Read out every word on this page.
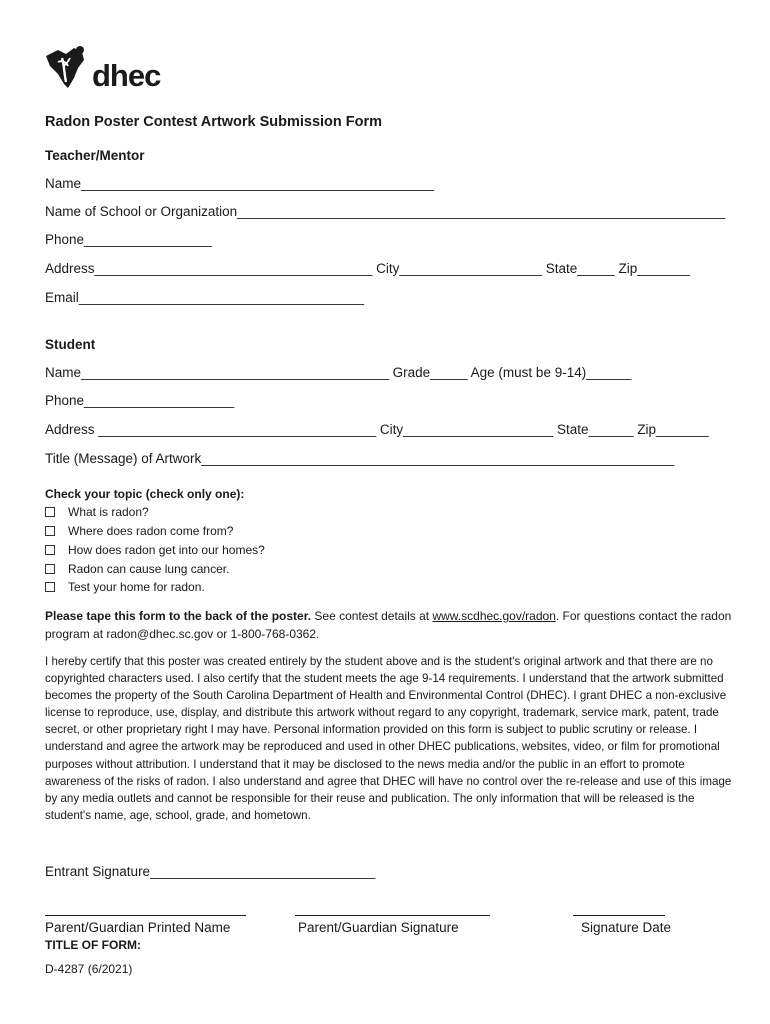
dhec
Radon Poster Contest Artwork Submission Form
Teacher/Mentor
Name_______________________________________________
Name of School or Organization_________________________________________________________________
Phone_________________
Address_____________________________________ City___________________ State_____ Zip_______
Email______________________________________
Student
Name_________________________________________ Grade_____ Age (must be 9-14)______
Phone____________________
Address _____________________________________ City____________________ State______ Zip_______
Title (Message) of Artwork_______________________________________________________________
Check your topic (check only one):
What is radon?
Where does radon come from?
How does radon get into our homes?
Radon can cause lung cancer.
Test your home for radon.
Please tape this form to the back of the poster. See contest details at www.scdhec.gov/radon. For questions contact the radon program at radon@dhec.sc.gov or 1-800-768-0362.
I hereby certify that this poster was created entirely by the student above and is the student's original artwork and that there are no copyrighted characters used. I also certify that the student meets the age 9-14 requirements. I understand that the artwork submitted becomes the property of the South Carolina Department of Health and Environmental Control (DHEC). I grant DHEC a non-exclusive license to reproduce, use, display, and distribute this artwork without regard to any copyright, trademark, service mark, patent, trade secret, or other proprietary right I may have. Personal information provided on this form is subject to public scrutiny or release. I understand and agree the artwork may be reproduced and used in other DHEC publications, websites, video, or film for promotional purposes without attribution. I understand that it may be disclosed to the news media and/or the public in an effort to promote awareness of the risks of radon. I also understand and agree that DHEC will have no control over the re-release and use of this image by any media outlets and cannot be responsible for their reuse and publication. The only information that will be released is the student's name, age, school, grade, and hometown.
Entrant Signature______________________________
Parent/Guardian Printed Name	Parent/Guardian Signature	Signature Date
TITLE OF FORM:
D-4287 (6/2021)
